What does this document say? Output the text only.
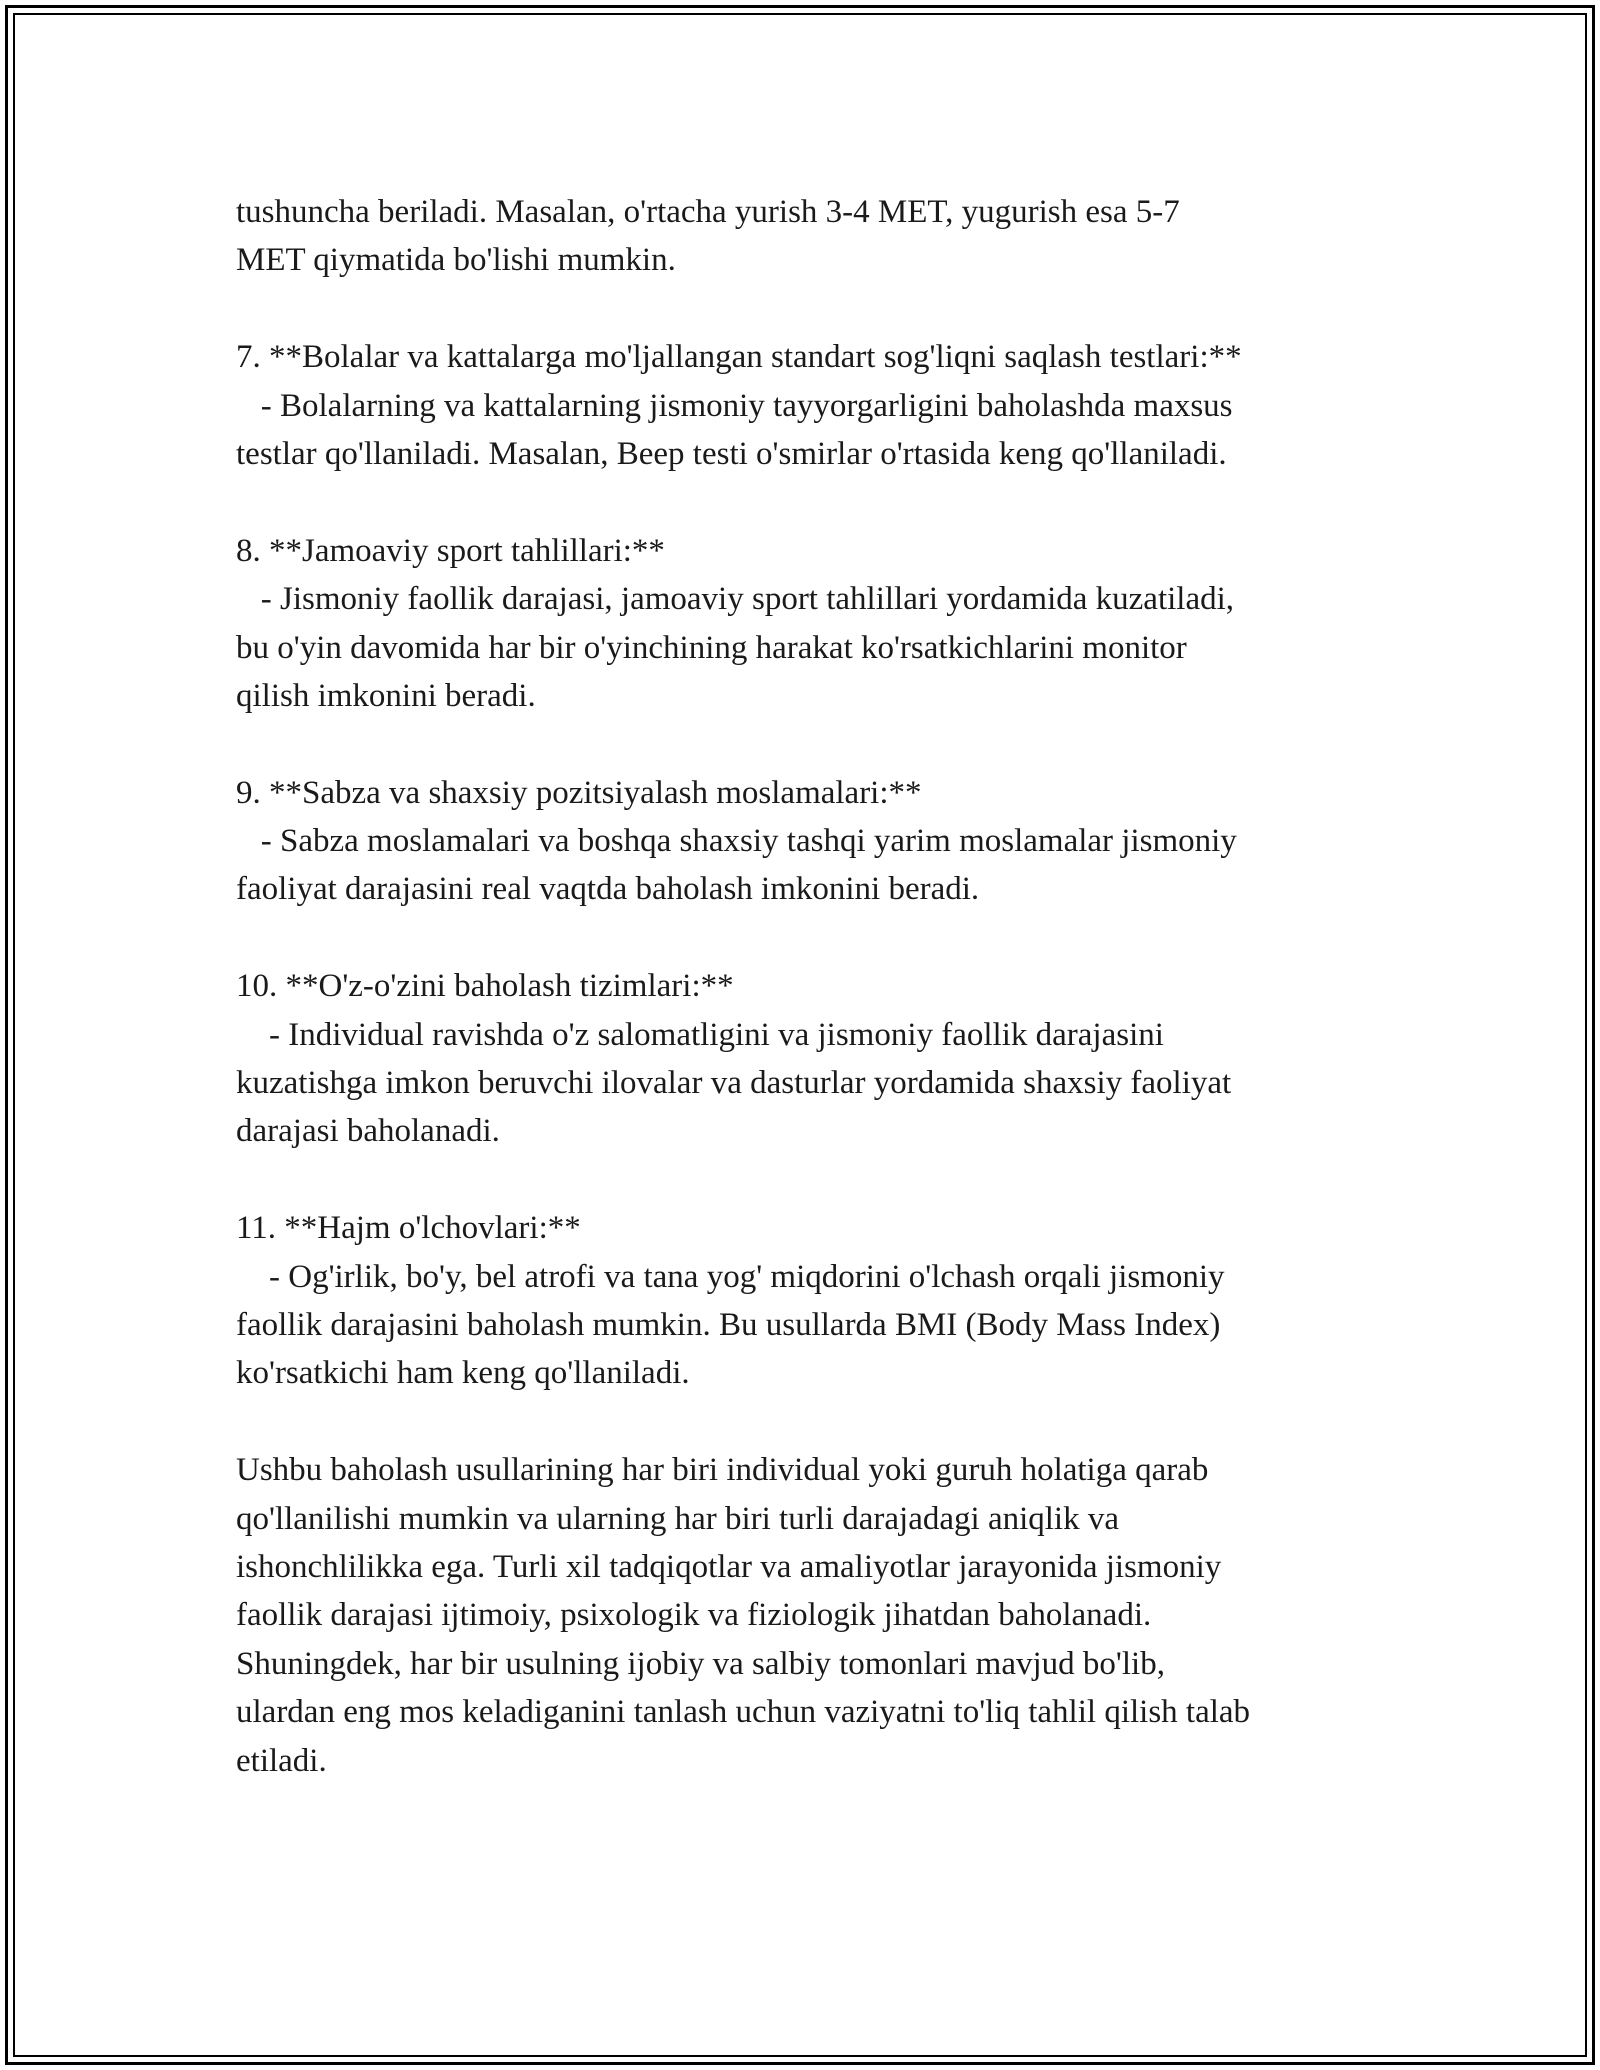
tushuncha beriladi. Masalan, o'rtacha yurish 3-4 MET, yugurish esa 5-7
MET qiymatida bo'lishi mumkin.
7. **Bolalar va kattalarga mo'ljallangan standart sog'liqni saqlash testlari:**
- Bolalarning va kattalarning jismoniy tayyorgarligini baholashda maxsus
testlar qo'llaniladi. Masalan, Beep testi o'smirlar o'rtasida keng qo'llaniladi.
8. **Jamoaviy sport tahlillari:**
- Jismoniy faollik darajasi, jamoaviy sport tahlillari yordamida kuzatiladi,
bu o'yin davomida har bir o'yinchining harakat ko'rsatkichlarini monitor
qilish imkonini beradi.
9. **Sabza va shaxsiy pozitsiyalash moslamalari:**
- Sabza moslamalari va boshqa shaxsiy tashqi yarim moslamalar jismoniy
faoliyat darajasini real vaqtda baholash imkonini beradi.
10. **O'z-o'zini baholash tizimlari:**
- Individual ravishda o'z salomatligini va jismoniy faollik darajasini
kuzatishga imkon beruvchi ilovalar va dasturlar yordamida shaxsiy faoliyat
darajasi baholanadi.
11. **Hajm o'lchovlari:**
- Og'irlik, bo'y, bel atrofi va tana yog' miqdorini o'lchash orqali jismoniy
faollik darajasini baholash mumkin. Bu usullarda BMI (Body Mass Index)
ko'rsatkichi ham keng qo'llaniladi.
Ushbu baholash usullarining har biri individual yoki guruh holatiga qarab
qo'llanilishi mumkin va ularning har biri turli darajadagi aniqlik va
ishonchlilikka ega. Turli xil tadqiqotlar va amaliyotlar jarayonida jismoniy
faollik darajasi ijtimoiy, psixologik va fiziologik jihatdan baholanadi.
Shuningdek, har bir usulning ijobiy va salbiy tomonlari mavjud bo'lib,
ulardan eng mos keladiganini tanlash uchun vaziyatni to'liq tahlil qilish talab
etiladi.
